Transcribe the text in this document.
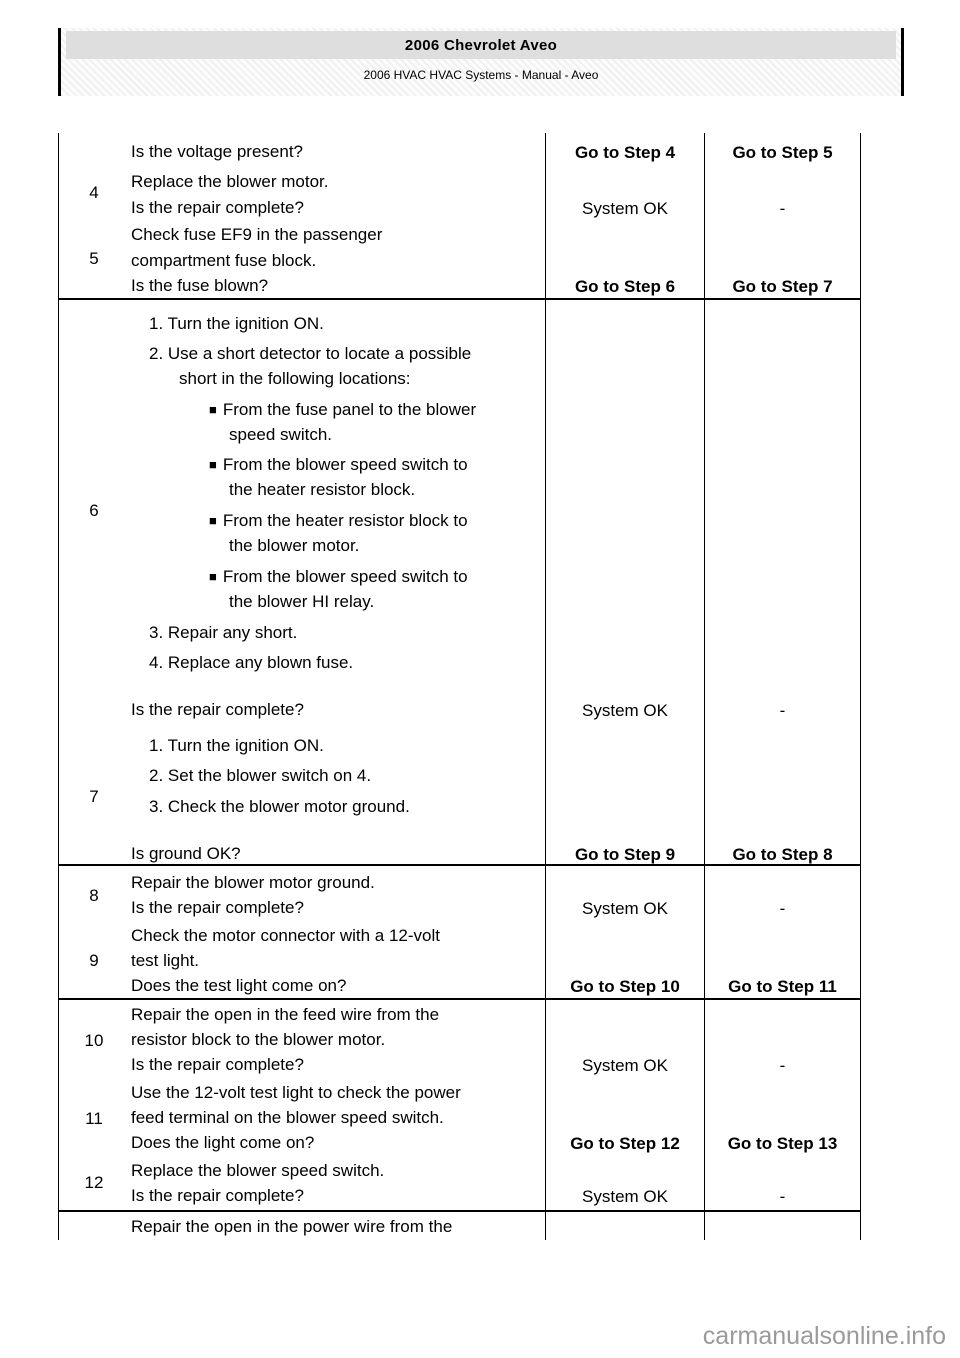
2006 Chevrolet Aveo
2006 HVAC HVAC Systems - Manual - Aveo
Is the voltage present?	Go to Step 4	Go to Step 5
4
Replace the blower motor.
Is the repair complete?	System OK	-
5
Check fuse EF9 in the passenger
compartment fuse block.
Is the fuse blown?	Go to Step 6	Go to Step 7
6
1. Turn the ignition ON.
2. Use a short detector to locate a possible
short in the following locations:
■ From the fuse panel to the blower
speed switch.
■ From the blower speed switch to
the heater resistor block.
■ From the heater resistor block to
the blower motor.
■ From the blower speed switch to
the blower HI relay.
3. Repair any short.
4. Replace any blown fuse.
Is the repair complete?	System OK	-
7
1. Turn the ignition ON.
2. Set the blower switch on 4.
3. Check the blower motor ground.
Is ground OK?	Go to Step 9	Go to Step 8
8
Repair the blower motor ground.
Is the repair complete?	System OK	-
9
Check the motor connector with a 12-volt
test light.
Does the test light come on?	Go to Step 10	Go to Step 11
10
Repair the open in the feed wire from the
resistor block to the blower motor.
Is the repair complete?	System OK	-
11
Use the 12-volt test light to check the power
feed terminal on the blower speed switch.
Does the light come on?	Go to Step 12	Go to Step 13
12
Replace the blower speed switch.
Is the repair complete?	System OK	-
Repair the open in the power wire from the
carmanualsonline.info
